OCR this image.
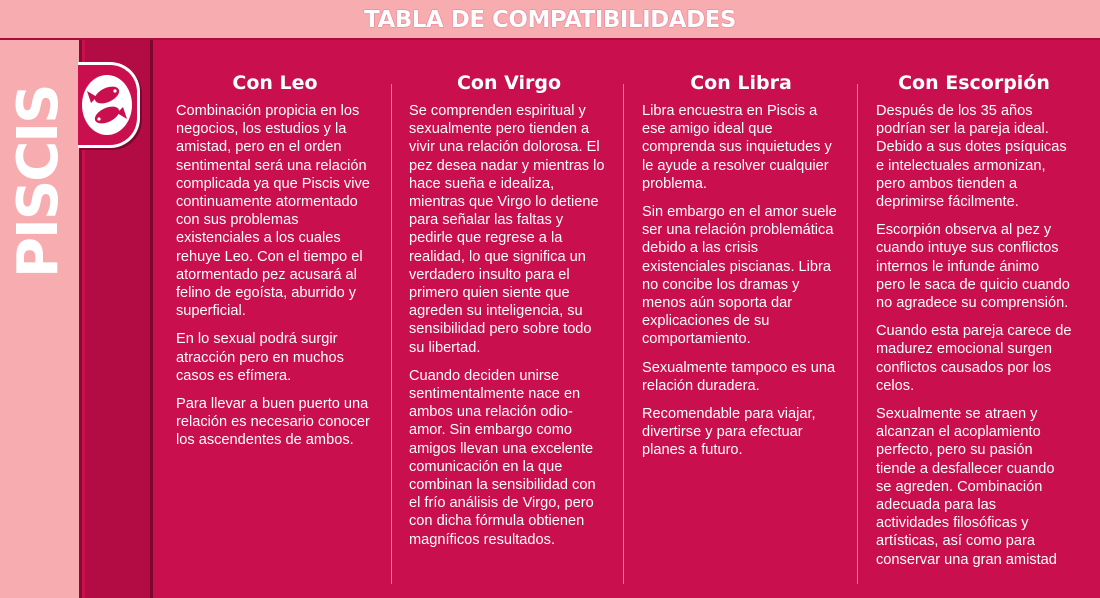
TABLA DE COMPATIBILIDADES
PISCIS
Con Leo

Combinación propicia en los negocios, los estudios y la amistad, pero en el orden sentimental será una relación complicada ya que Piscis vive continuamente atormentado con sus problemas existenciales a los cuales rehuye Leo. Con el tiempo el atormentado pez acusará al felino de egoísta, aburrido y superficial.

En lo sexual podrá surgir atracción pero en muchos casos es efímera.

Para llevar a buen puerto una relación es necesario conocer los ascendentes de ambos.

Con Virgo

Se comprenden espiritual y sexualmente pero tienden a vivir una relación dolorosa. El pez desea nadar y mientras lo hace sueña e idealiza, mientras que Virgo lo detiene para señalar las faltas y pedirle que regrese a la realidad, lo que significa un verdadero insulto para el primero quien siente que agreden su inteligencia, su sensibilidad pero sobre todo su libertad.

Cuando deciden unirse sentimentalmente nace en ambos una relación odio-amor. Sin embargo como amigos llevan una excelente comunicación en la que combinan la sensibilidad con el frío análisis de Virgo, pero con dicha fórmula obtienen magníficos resultados.

Con Libra

Libra encuestra en Piscis a ese amigo ideal que comprenda sus inquietudes y le ayude a resolver cualquier problema.

Sin embargo en el amor suele ser una relación problemática debido a las crisis existenciales piscianas. Libra no concibe los dramas y menos aún soporta dar explicaciones de su comportamiento.

Sexualmente tampoco es una relación duradera.

Recomendable para viajar, divertirse y para efectuar planes a futuro.

Con Escorpión

Después de los 35 años podrían ser la pareja ideal. Debido a sus dotes psíquicas e intelectuales armonizan, pero ambos tienden a deprimirse fácilmente.

Escorpión observa al pez y cuando intuye sus conflictos internos le infunde ánimo pero le saca de quicio cuando no agradece su comprensión.

Cuando esta pareja carece de madurez emocional surgen conflictos causados por los celos.

Sexualmente se atraen y alcanzan el acoplamiento perfecto, pero su pasión tiende a desfallecer cuando se agreden. Combinación adecuada para las actividades filosóficas y artísticas, así como para conservar una gran amistad
